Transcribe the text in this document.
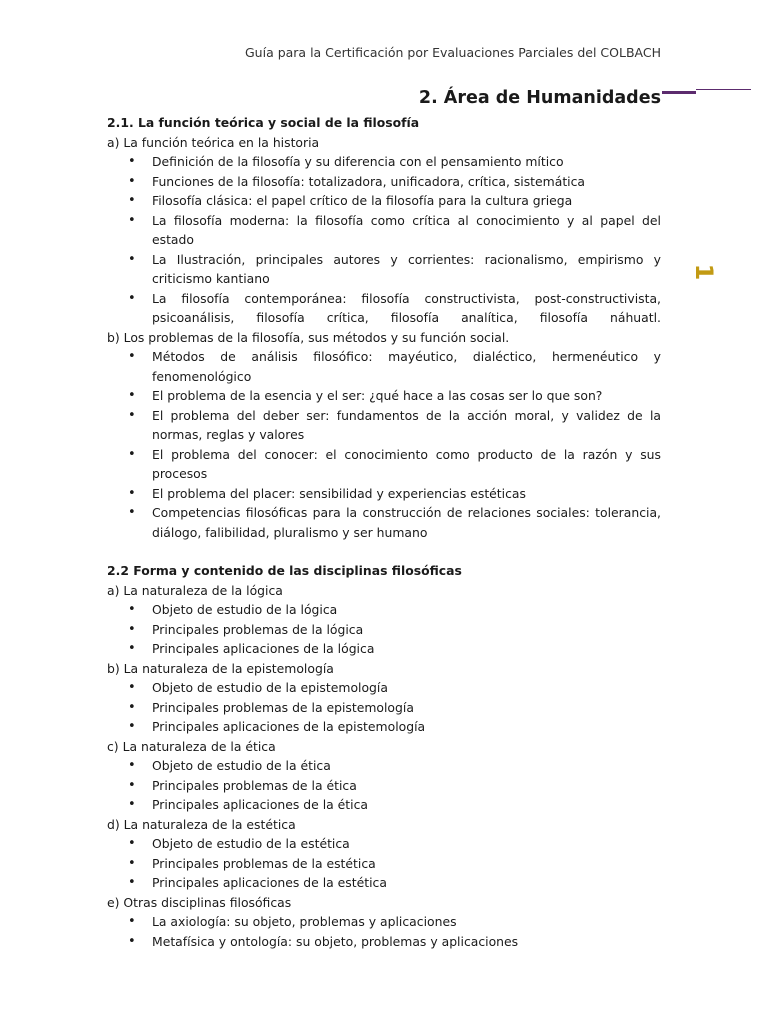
Guía para la Certificación por Evaluaciones Parciales del COLBACH
2. Área de Humanidades
1
2.1. La función teórica y social de la filosofía

a) La función teórica en la historia

• Definición de la filosofía y su diferencia con el pensamiento mítico
• Funciones de la filosofía: totalizadora, unificadora, crítica, sistemática
• Filosofía clásica: el papel crítico de la filosofía para la cultura griega
• La filosofía moderna: la filosofía como crítica al conocimiento y al papel del estado
• La Ilustración, principales autores y corrientes: racionalismo, empirismo y criticismo kantiano
• La filosofía contemporánea: filosofía constructivista, post-constructivista, psicoanálisis, filosofía crítica, filosofía analítica, filosofía náhuatl.

b) Los problemas de la filosofía, sus métodos y su función social.

• Métodos de análisis filosófico: mayéutico, dialéctico, hermenéutico y fenomenológico
• El problema de la esencia y el ser: ¿qué hace a las cosas ser lo que son?
• El problema del deber ser: fundamentos de la acción moral, y validez de la normas, reglas y valores
• El problema del conocer: el conocimiento como producto de la razón y sus procesos
• El problema del placer: sensibilidad y experiencias estéticas
• Competencias filosóficas para la construcción de relaciones sociales: tolerancia, diálogo, falibilidad, pluralismo y ser humano
2.2 Forma y contenido de las disciplinas filosóficas

a) La naturaleza de la lógica

• Objeto de estudio de la lógica
• Principales problemas de la lógica
• Principales aplicaciones de la lógica

b) La naturaleza de la epistemología

• Objeto de estudio de la epistemología
• Principales problemas de la epistemología
• Principales aplicaciones de la epistemología

c) La naturaleza de la ética

• Objeto de estudio de la ética
• Principales problemas de la ética
• Principales aplicaciones de la ética

d) La naturaleza de la estética

• Objeto de estudio de la estética
• Principales problemas de la estética
• Principales aplicaciones de la estética

e) Otras disciplinas filosóficas

• La axiología: su objeto, problemas y aplicaciones
• Metafísica y ontología: su objeto, problemas y aplicaciones
